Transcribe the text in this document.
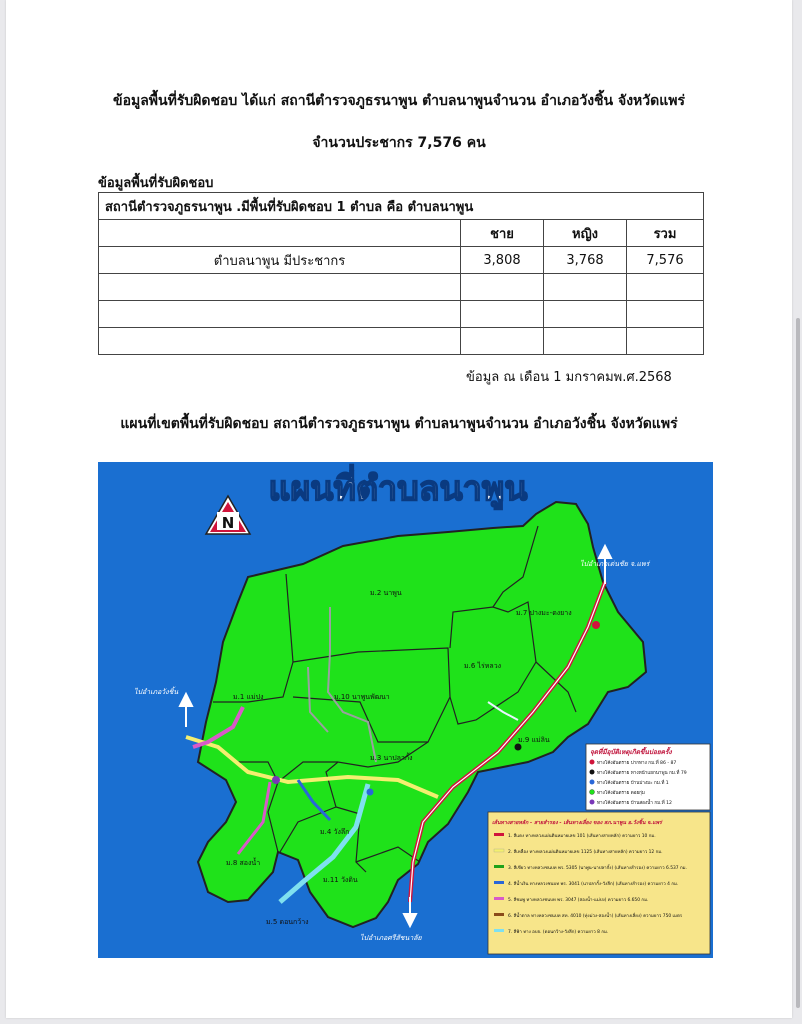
ข้อมูลพื้นที่รับผิดชอบ ได้แก่ สถานีตำรวจภูธรนาพูน ตำบลนาพูนจำนวน อำเภอวังชิ้น จังหวัดแพร่
จำนวนประชากร 7,576 คน
ข้อมูลพื้นที่รับผิดชอบ
สถานีตำรวจภูธรนาพูน .มีพื้นที่รับผิดชอบ 1 ตำบล คือ ตำบลนาพูน			
	ชาย	หญิง	รวม
ตำบลนาพูน มีประชากร	3,808	3,768	7,576

ข้อมูล ณ เดือน 1 มกราคมพ.ศ.2568
แผนที่เขตพื้นที่รับผิดชอบ สถานีตำรวจภูธรนาพูน ตำบลนาพูนจำนวน อำเภอวังชิ้น จังหวัดแพร่
แผนที่ตำบลนาพูน
N
ม.1 แม่ปง
ม.2 นาพูน
ม.3 นาปลากั้ง
ม.4 วังลึก
ม.5 ดอนกว้าง
ม.6 ไร่หลวง
ม.7 ปางมะ-ดงยาง
ม.8 สองน้ำ
ม.9 แม่ลิน
ม.10 นาพูนพัฒนา
ม.11 วังดิน
ไปอำเภอเด่นชัย จ.แพร่
ไปอำเภอวังชิ้น
ไปอำเภอศรีสัชนาลัย
จุดที่มีอุบัติเหตุเกิดขึ้นบ่อยครั้ง
ทางโค้งอันตราย ปากทาง กม.ที่ 86 - 87
ทางโค้งอันตราย ทางหน้าแยกนาพูน กม.ที่ 79
ทางโค้งอันตราย บ้านปางมะ กม.ที่ 1
ทางโค้งอันตราย ดอยกุ่ม
ทางโค้งอันตราย บ้านสองน้ำ กม.ที่ 12
เส้นทางสายหลัก - สายสำรอง - เส้นทางเลี่ยง ของ สภ.นาพูน อ.วังชิ้น จ.แพร่
1. สีแดง ทางหลวงแผ่นดินหมายเลข 101 (เส้นทางสายหลัก) ความยาว 10 กม.
2. สีเหลือง ทางหลวงแผ่นดินหมายเลข 1125 (เส้นทางสายหลัก) ความยาว 12 กม.
3. สีเขียว ทางหลวงชนบท พร. 5305 (นาพูน-นาปลากั้ง) (เส้นทางสำรอง) ความยาว 6.537 กม.
4. สีน้ำเงิน ทางหลวงชนบท พร. 3041 (นาปลากั้ง-วังลึก) (เส้นทางสำรอง) ความยาว 4 กม.
5. สีชมพู ทางหลวงชนบท พร. 3047 (สองน้ำ-แม่ปง) ความยาว 6.650 กม.
6. สีน้ำตาล ทางหลวงชนบท สท. 4010 (ทุ่งม่วง-สองน้ำ) (เส้นทางเลี่ยง) ความยาว 750 เมตร
7. สีฟ้า ทาง อบจ. (ดอนกว้าง-วังลึก) ความยาว 8 กม.
